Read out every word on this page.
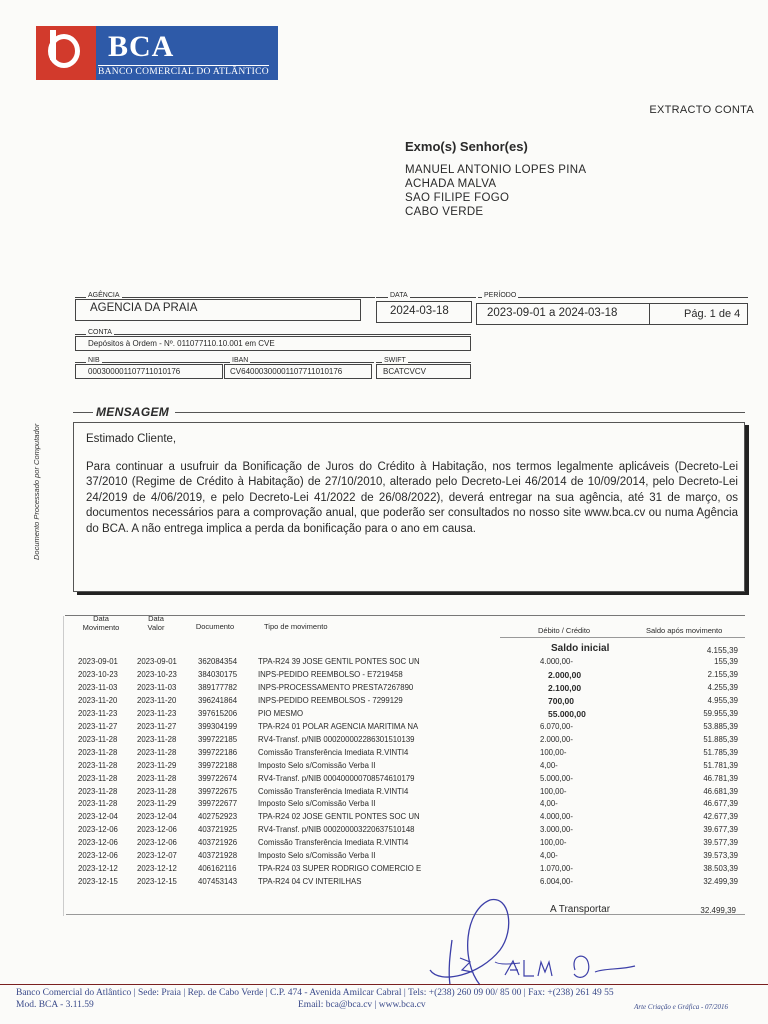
BCA
BANCO COMERCIAL DO ATLÂNTICO
EXTRACTO CONTA
Exmo(s) Senhor(es)
MANUEL ANTONIO LOPES PINA
ACHADA MALVA
SAO FILIPE FOGO
CABO VERDE
AGÊNCIA
AGENCIA DA PRAIA
DATA
2024-03-18
PERÍODO
2023-09-01 a 2024-03-18	Pág. 1 de 4
CONTA
Depósitos à Ordem - Nº. 011077110.10.001 em CVE
NIB
000300001107711010176
IBAN
CV64000300001107711010176
SWIFT
BCATCVCV
MENSAGEM
Estimado Cliente,
Para continuar a usufruir da Bonificação de Juros do Crédito à Habitação, nos termos legalmente aplicáveis (Decreto-Lei 37/2010 (Regime de Crédito à Habitação) de 27/10/2010, alterado pelo Decreto-Lei 46/2014 de 10/09/2014, pelo Decreto-Lei 24/2019 de 4/06/2019, e pelo Decreto-Lei 41/2022 de 26/08/2022), deverá entregar na sua agência, até 31 de março, os documentos necessários para a comprovação anual, que poderão ser consultados no nosso site www.bca.cv ou numa Agência do BCA. A não entrega implica a perda da bonificação para o ano em causa.
Documento Processado por Computador
Data
Movimento
Data
Valor	Documento	Tipo de movimento	Débito / Crédito	Saldo após movimento
Saldo inicial	4.155,39
2023-09-01 2023-09-01	362084354	TPA-R24 39 JOSE GENTIL PONTES SOC UN	4.000,00-	155,39
2023-10-23 2023-10-23	384030175	INPS-PEDIDO REEMBOLSO - E7219458	2.000,00	2.155,39
2023-11-03	2023-11-03	389177782	INPS-PROCESSAMENTO PRESTA7267890	2.100,00	4.255,39
2023-11-20	2023-11-20	396241864	INPS-PEDIDO REEMBOLSOS - 7299129	700,00	4.955,39
2023-11-23	2023-11-23	397615206	PIO MESMO	55.000,00	59.955,39
2023-11-27	2023-11-27	399304199	TPA-R24 01 POLAR AGENCIA MARITIMA NA	6.070,00-	53.885,39
2023-11-28	2023-11-28	399722185	RV4-Transf. p/NIB 000200002286301510139	2.000,00-	51.885,39
2023-11-28	2023-11-28	399722186	Comissão Transferência Imediata R.VINTI4	100,00-	51.785,39
2023-11-28	2023-11-29	399722188	Imposto Selo s/Comissão Verba II	4,00-	51.781,39
2023-11-28	2023-11-28	399722674	RV4-Transf. p/NIB 000400000708574610179	5.000,00-	46.781,39
2023-11-28	2023-11-28	399722675	Comissão Transferência Imediata R.VINTI4	100,00-	46.681,39
2023-11-28	2023-11-29	399722677	Imposto Selo s/Comissão Verba II	4,00-	46.677,39
2023-12-04 2023-12-04	402752923	TPA-R24 02 JOSE GENTIL PONTES SOC UN	4.000,00-	42.677,39
2023-12-06 2023-12-06	403721925	RV4-Transf. p/NIB 000200003220637510148	3.000,00-	39.677,39
2023-12-06 2023-12-06	403721926	Comissão Transferência Imediata R.VINTI4	100,00-	39.577,39
2023-12-06 2023-12-07	403721928	Imposto Selo s/Comissão Verba II	4,00-	39.573,39
2023-12-12 2023-12-12	406162116	TPA-R24 03 SUPER RODRIGO COMERCIO E	1.070,00-	38.503,39
2023-12-15 2023-12-15	407453143	TPA-R24 04 CV INTERILHAS	6.004,00-	32.499,39
A Transportar	32.499,39
Banco Comercial do Atlântico | Sede: Praia | Rep. de Cabo Verde | C.P. 474 - Avenida Amilcar Cabral | Tels: +(238) 260 09 00/ 85 00 | Fax: +(238) 261 49 55
Mod. BCA - 3.11.59	Email: bca@bca.cv | www.bca.cv	Arte Criação e Gráfica - 07/2016
